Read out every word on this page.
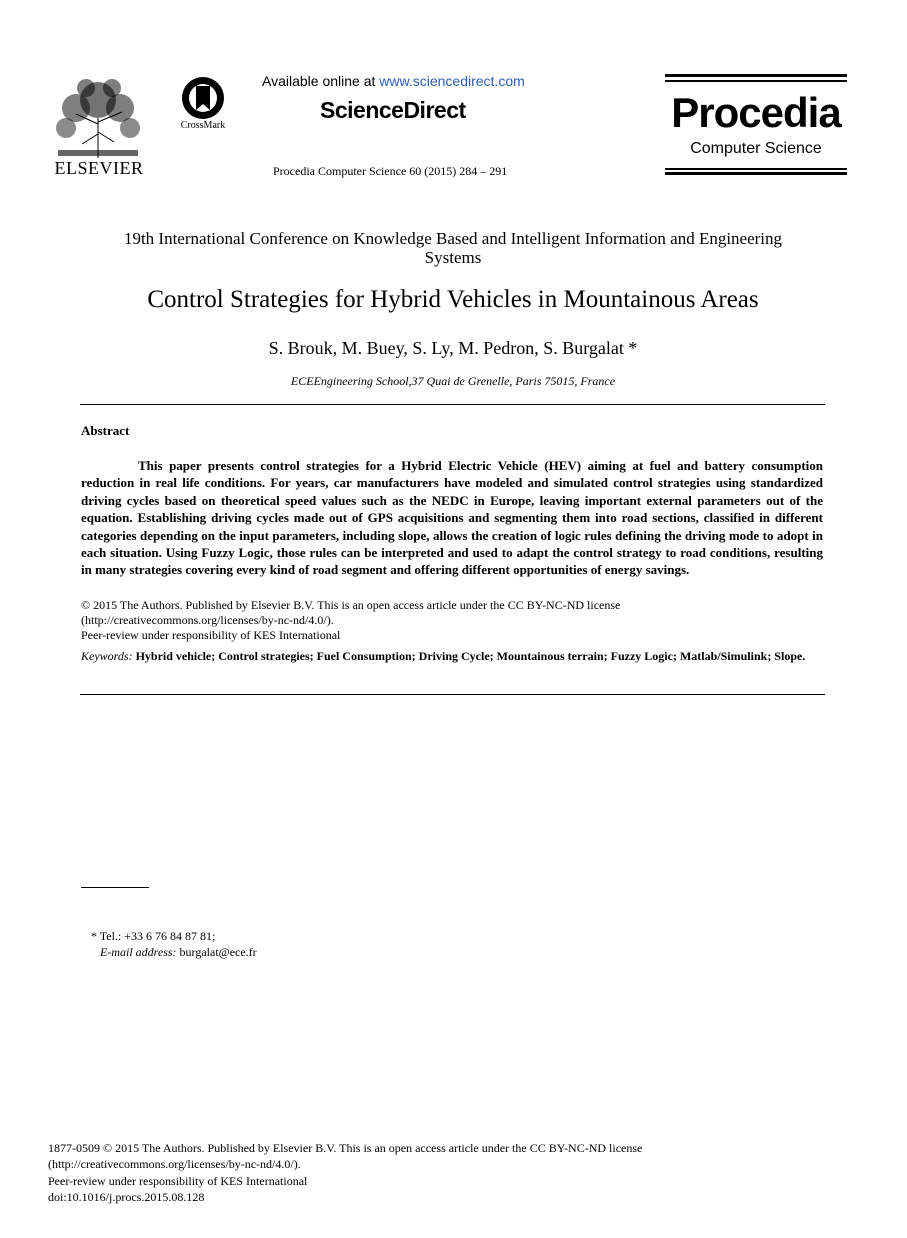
ELSEVIER
CrossMark
Available online at www.sciencedirect.com
ScienceDirect
Procedia Computer Science 60 (2015) 284 – 291
Procedia
Computer Science
19th International Conference on Knowledge Based and Intelligent Information and Engineering
Systems
Control Strategies for Hybrid Vehicles in Mountainous Areas
S. Brouk, M. Buey, S. Ly, M. Pedron, S. Burgalat *
ECEEngineering School,37 Quai de Grenelle, Paris 75015, France
Abstract

This paper presents control strategies for a Hybrid Electric Vehicle (HEV) aiming at fuel and battery consumption reduction in real life conditions. For years, car manufacturers have modeled and simulated control strategies using standardized driving cycles based on theoretical speed values such as the NEDC in Europe, leaving important external parameters out of the equation. Establishing driving cycles made out of GPS acquisitions and segmenting them into road sections, classified in different categories depending on the input parameters, including slope, allows the creation of logic rules defining the driving mode to adopt in each situation. Using Fuzzy Logic, those rules can be interpreted and used to adapt the control strategy to road conditions, resulting in many strategies covering every kind of road segment and offering different opportunities of energy savings.

© 2015 The Authors. Published by Elsevier B.V. This is an open access article under the CC BY-NC-ND license
(http://creativecommons.org/licenses/by-nc-nd/4.0/).
Peer-review under responsibility of KES International
Keywords: Hybrid vehicle; Control strategies; Fuel Consumption; Driving Cycle; Mountainous terrain; Fuzzy Logic; Matlab/Simulink; Slope.
* Tel.: +33 6 76 84 87 81;
E-mail address: burgalat@ece.fr
1877-0509 © 2015 The Authors. Published by Elsevier B.V. This is an open access article under the CC BY-NC-ND license
(http://creativecommons.org/licenses/by-nc-nd/4.0/).
Peer-review under responsibility of KES International
doi:10.1016/j.procs.2015.08.128
